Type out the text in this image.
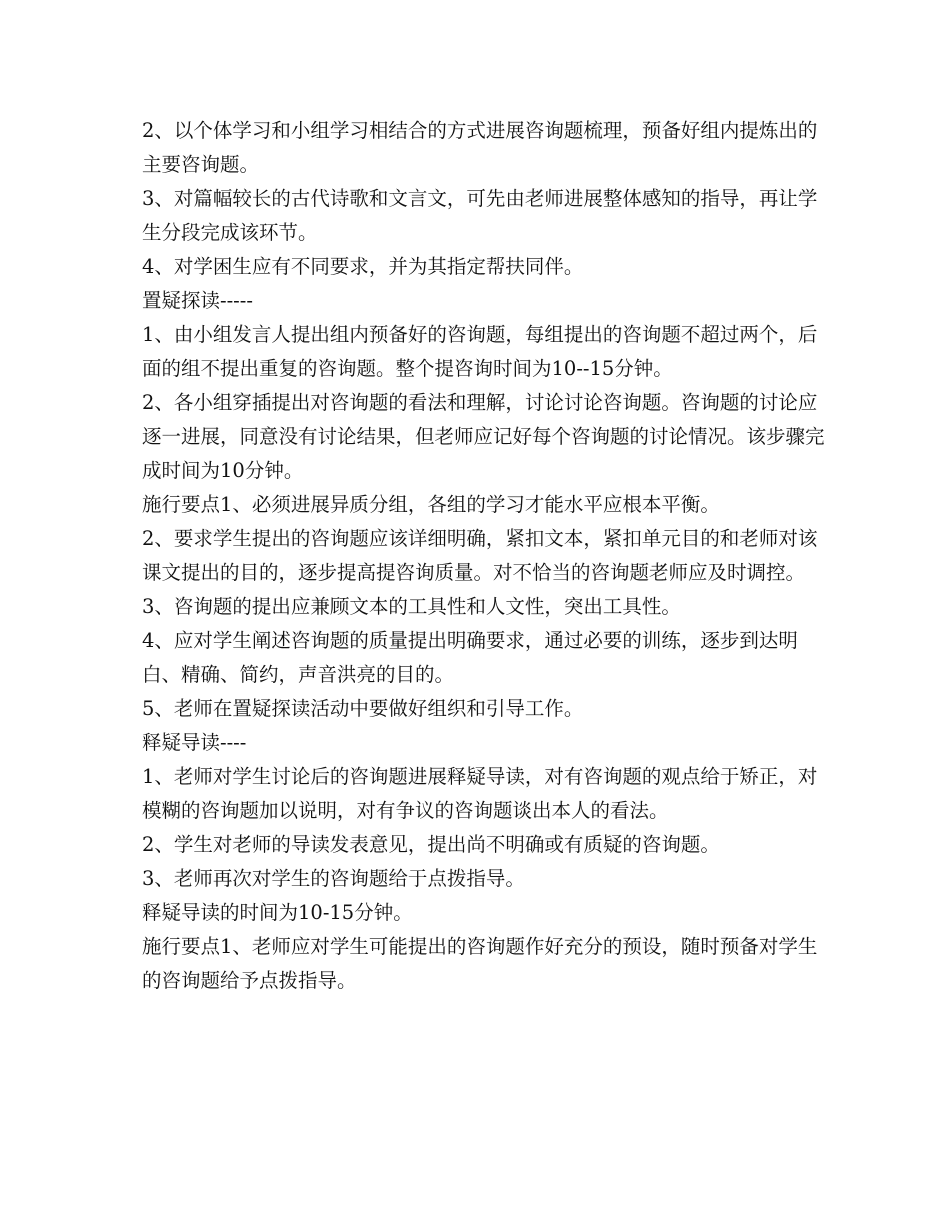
2、以个体学习和小组学习相结合的方式进展咨询题梳理，预备好组内提炼出的主要咨询题。

3、对篇幅较长的古代诗歌和文言文，可先由老师进展整体感知的指导，再让学生分段完成该环节。

4、对学困生应有不同要求，并为其指定帮扶同伴。

置疑探读-----

1、由小组发言人提出组内预备好的咨询题，每组提出的咨询题不超过两个，后面的组不提出重复的咨询题。整个提咨询时间为10--15分钟。

2、各小组穿插提出对咨询题的看法和理解，讨论讨论咨询题。咨询题的讨论应逐一进展，同意没有讨论结果，但老师应记好每个咨询题的讨论情况。该步骤完成时间为10分钟。

施行要点1、必须进展异质分组，各组的学习才能水平应根本平衡。

2、要求学生提出的咨询题应该详细明确，紧扣文本，紧扣单元目的和老师对该课文提出的目的，逐步提高提咨询质量。对不恰当的咨询题老师应及时调控。

3、咨询题的提出应兼顾文本的工具性和人文性，突出工具性。

4、应对学生阐述咨询题的质量提出明确要求，通过必要的训练，逐步到达明白、精确、简约，声音洪亮的目的。

5、老师在置疑探读活动中要做好组织和引导工作。

释疑导读----

1、老师对学生讨论后的咨询题进展释疑导读，对有咨询题的观点给于矫正，对模糊的咨询题加以说明，对有争议的咨询题谈出本人的看法。

2、学生对老师的导读发表意见，提出尚不明确或有质疑的咨询题。

3、老师再次对学生的咨询题给于点拨指导。

释疑导读的时间为10-15分钟。

施行要点1、老师应对学生可能提出的咨询题作好充分的预设，随时预备对学生的咨询题给予点拨指导。
